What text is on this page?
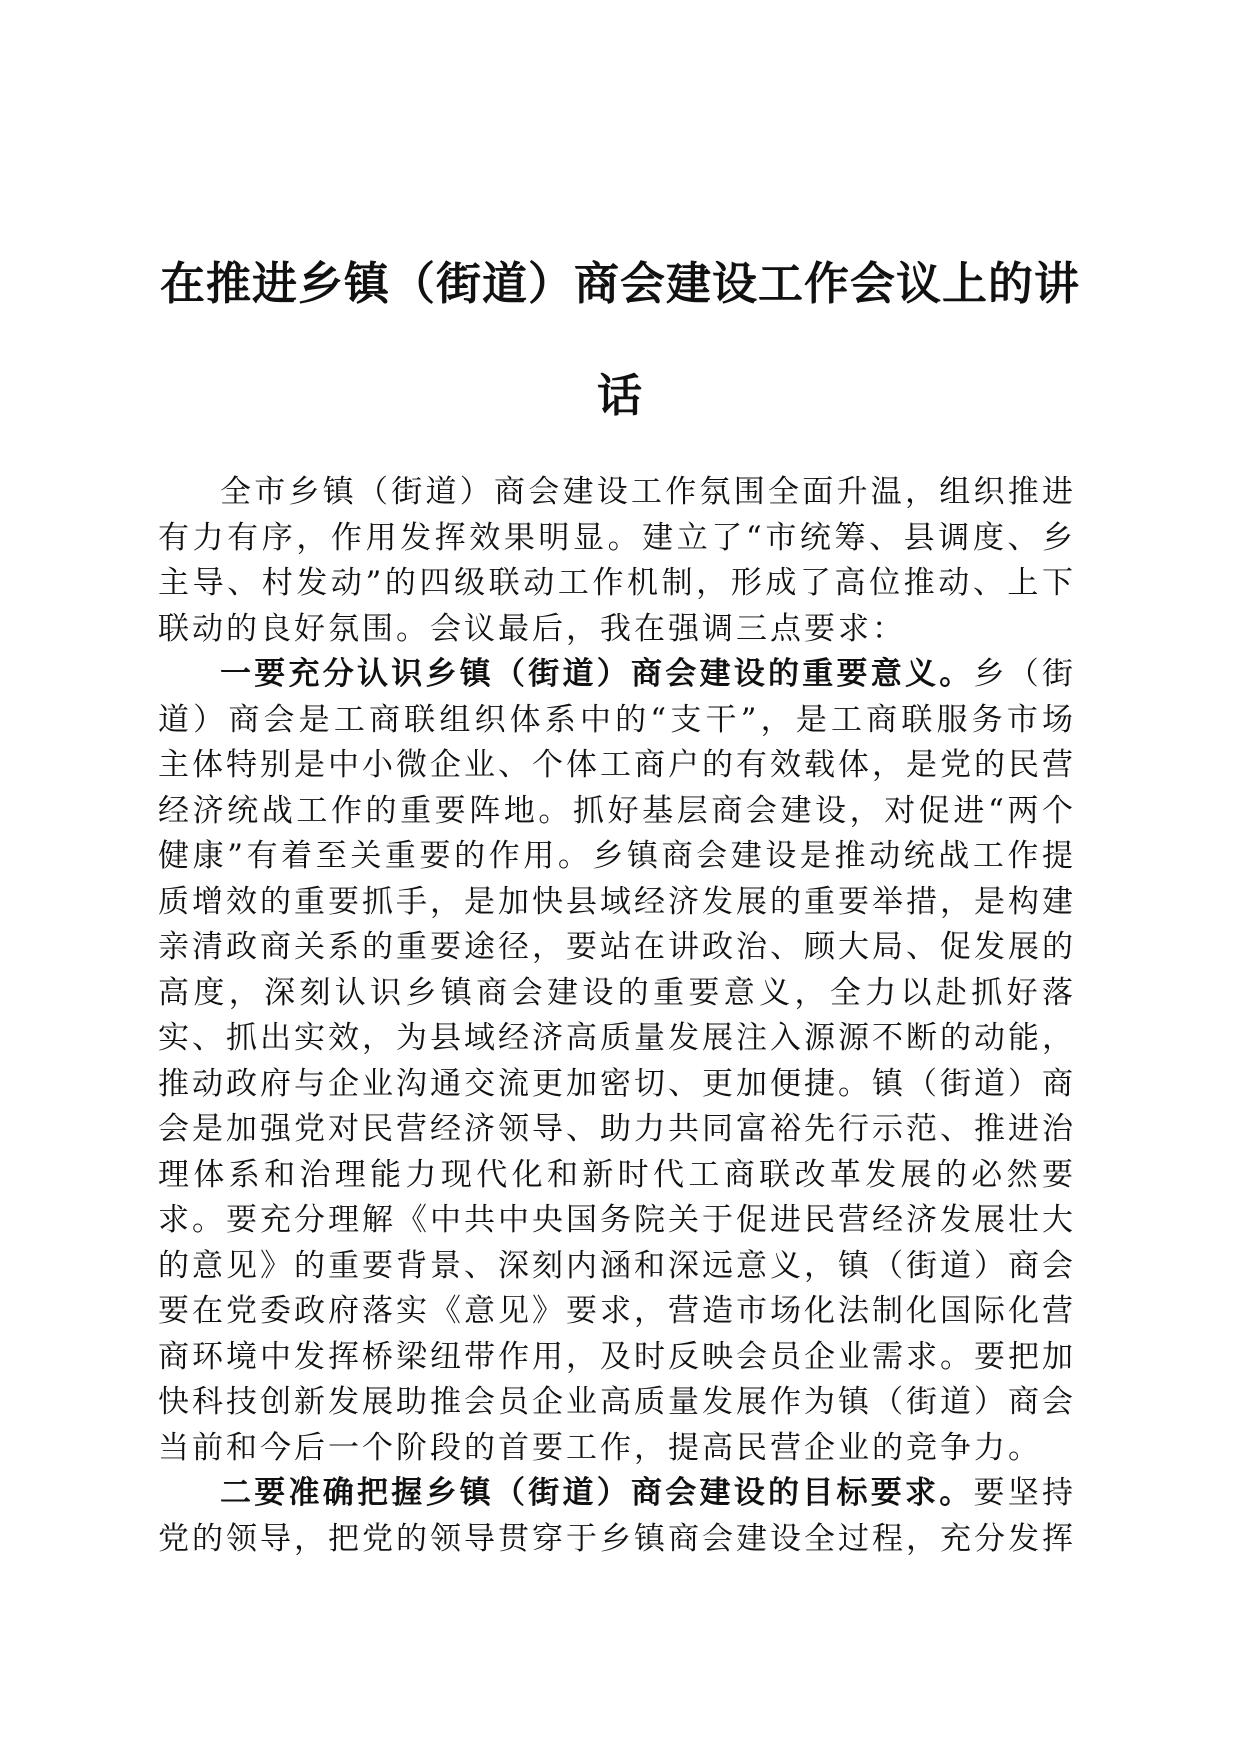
在推进乡镇（街道）商会建设工作会议上的讲话

全市乡镇（街道）商会建设工作氛围全面升温，组织推进有力有序，作用发挥效果明显。建立了“市统筹、县调度、乡主导、村发动”的四级联动工作机制，形成了高位推动、上下联动的良好氛围。会议最后，我在强调三点要求：

一要充分认识乡镇（街道）商会建设的重要意义。乡（街道）商会是工商联组织体系中的“支干”，是工商联服务市场主体特别是中小微企业、个体工商户的有效载体，是党的民营经济统战工作的重要阵地。抓好基层商会建设，对促进“两个健康”有着至关重要的作用。乡镇商会建设是推动统战工作提质增效的重要抓手，是加快县域经济发展的重要举措，是构建亲清政商关系的重要途径，要站在讲政治、顾大局、促发展的高度，深刻认识乡镇商会建设的重要意义，全力以赴抓好落实、抓出实效，为县域经济高质量发展注入源源不断的动能，推动政府与企业沟通交流更加密切、更加便捷。镇（街道）商会是加强党对民营经济领导、助力共同富裕先行示范、推进治理体系和治理能力现代化和新时代工商联改革发展的必然要求。要充分理解《中共中央国务院关于促进民营经济发展壮大的意见》的重要背景、深刻内涵和深远意义，镇（街道）商会要在党委政府落实《意见》要求，营造市场化法制化国际化营商环境中发挥桥梁纽带作用，及时反映会员企业需求。要把加快科技创新发展助推会员企业高质量发展作为镇（街道）商会当前和今后一个阶段的首要工作，提高民营企业的竞争力。

二要准确把握乡镇（街道）商会建设的目标要求。要坚持党的领导，把党的领导贯穿于乡镇商会建设全过程，充分发挥
